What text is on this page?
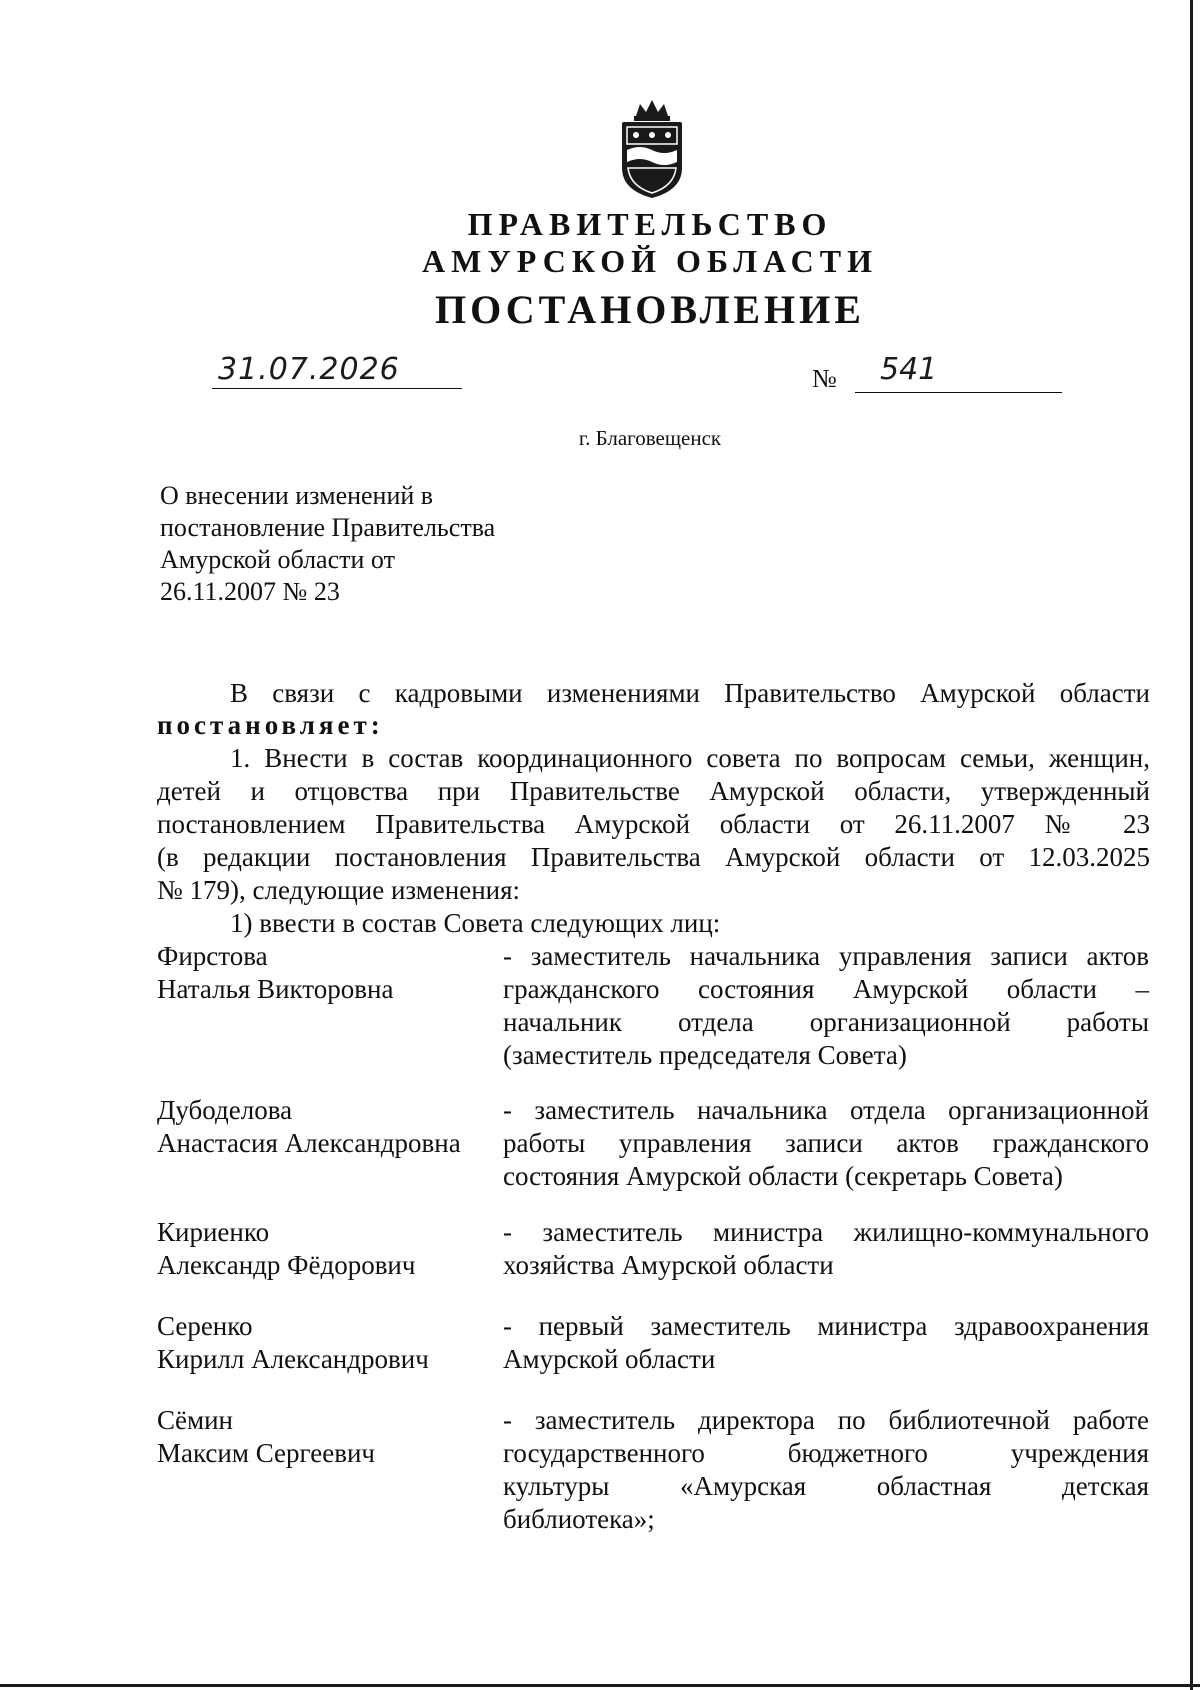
ПРАВИТЕЛЬСТВО
АМУРСКОЙ ОБЛАСТИ
ПОСТАНОВЛЕНИЕ
31.07.2026	№ 541
г. Благовещенск
О внесении изменений в
постановление Правительства
Амурской области от
26.11.2007 № 23
В связи с кадровыми изменениями Правительство Амурской области
постановляет:
1. Внести в состав координационного совета по вопросам семьи, женщин,
детей и отцовства при Правительстве Амурской области, утвержденный
постановлением Правительства Амурской области от 26.11.2007 № 23
(в редакции постановления Правительства Амурской области от 12.03.2025
№ 179), следующие изменения:
1) ввести в состав Совета следующих лиц:
Фирстова
Наталья Викторовна
- заместитель начальника управления записи актов
гражданского состояния Амурской области –
начальник отдела организационной работы
(заместитель председателя Совета)
Дубоделова
Анастасия Александровна
- заместитель начальника отдела организационной
работы управления записи актов гражданского
состояния Амурской области (секретарь Совета)
Кириенко
Александр Фёдорович
- заместитель министра жилищно-коммунального
хозяйства Амурской области
Серенко
Кирилл Александрович
- первый заместитель министра здравоохранения
Амурской области
Сёмин
Максим Сергеевич
- заместитель директора по библиотечной работе
государственного бюджетного учреждения
культуры «Амурская областная детская
библиотека»;
